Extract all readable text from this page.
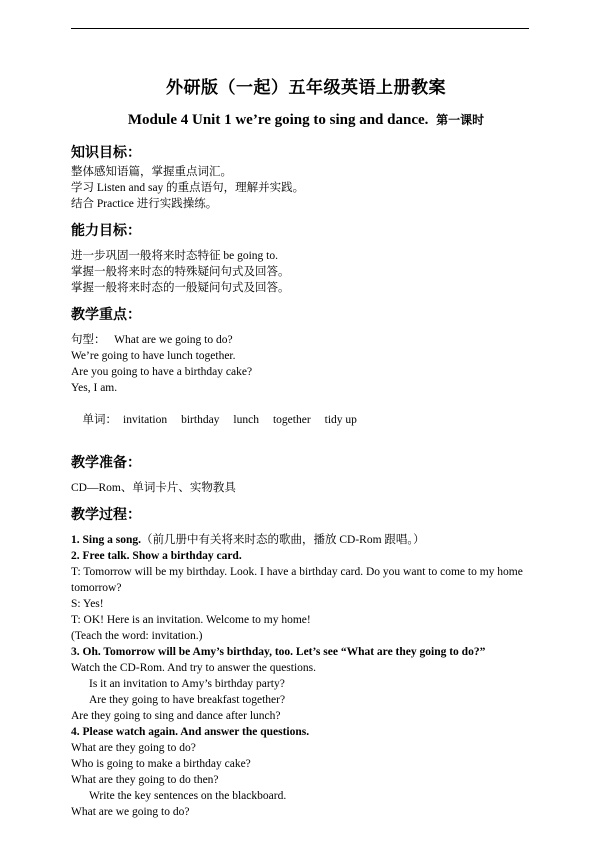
外研版（一起）五年级英语上册教案
Module 4 Unit 1 we’re going to sing and dance. 第一课时
知识目标：
整体感知语篇，掌握重点词汇。
学习 Listen and say 的重点语句，理解并实践。
结合 Practice 进行实践操练。
能力目标：
进一步巩固一般将来时态特征 be going to.
掌握一般将来时态的特殊疑问句式及回答。
掌握一般将来时态的一般疑问句式及回答。
教学重点：
句型：   What are we going to do?
We’re going to have lunch together.
Are you going to have a birthday cake?
Yes, I am.

单词： invitation birthday lunch together tidy up

教学准备：
CD—Rom、单词卡片、实物教具
教学过程：
1. Sing a song.（前几册中有关将来时态的歌曲，播放 CD-Rom 跟唱。）
2. Free talk. Show a birthday card.
T: Tomorrow will be my birthday. Look. I have a birthday card. Do you want to come to my home tomorrow?
S: Yes!
T: OK! Here is an invitation. Welcome to my home!
(Teach the word: invitation.)
3. Oh. Tomorrow will be Amy’s birthday, too. Let’s see “What are they going to do?”
Watch the CD-Rom. And try to answer the questions.
Is it an invitation to Amy’s birthday party?
Are they going to have breakfast together?
Are they going to sing and dance after lunch?
4. Please watch again. And answer the questions.
What are they going to do?
Who is going to make a birthday cake?
What are they going to do then?
Write the key sentences on the blackboard.
What are we going to do?
